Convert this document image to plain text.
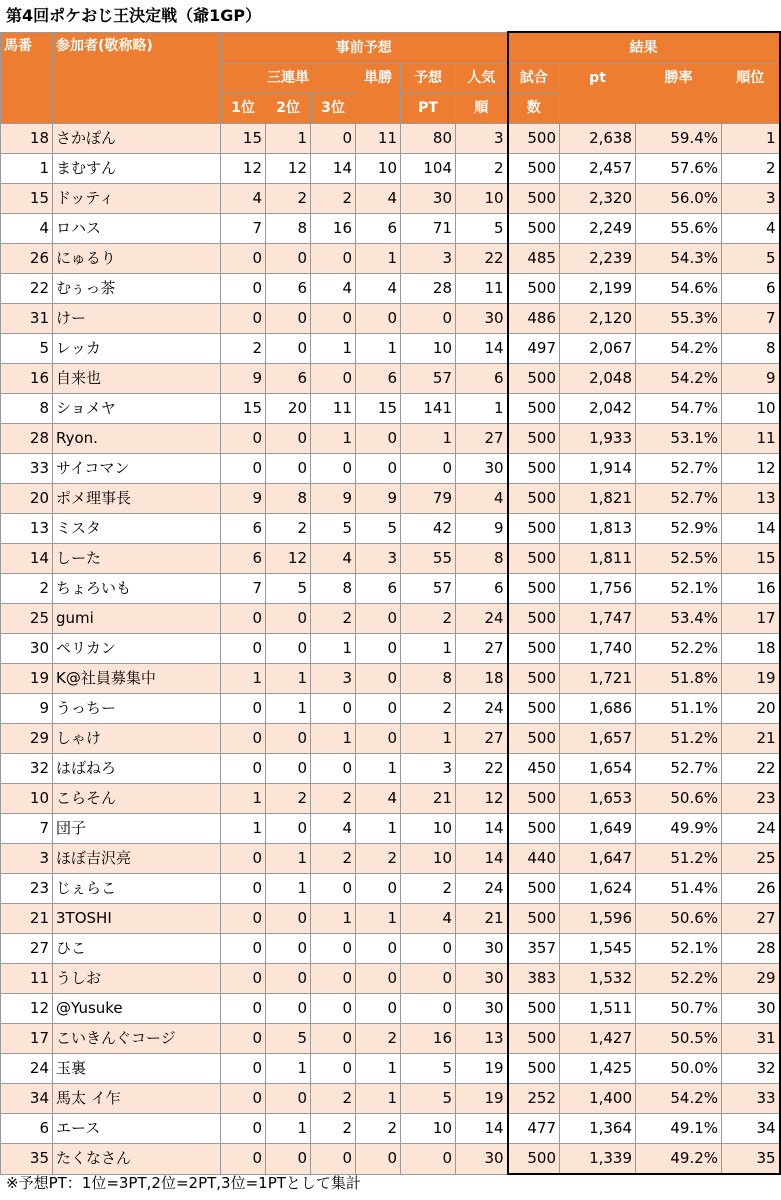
第4回ポケおじ王決定戦（爺1GP）
馬番	参加者(敬称略)	事前予想						結果			
		三連単			単勝	予想	人気	試合	pt	勝率	順位
		1位	2位	3位		PT	順	数			
18	さかぽん	15	1	0	11	80	3	500	2,638	59.4%	1
1	まむすん	12	12	14	10	104	2	500	2,457	57.6%	2
15	ドッティ	4	2	2	4	30	10	500	2,320	56.0%	3
4	ロハス	7	8	16	6	71	5	500	2,249	55.6%	4
26	にゅるり	0	0	0	1	3	22	485	2,239	54.3%	5
22	むぅっ茶	0	6	4	4	28	11	500	2,199	54.6%	6
31	けー	0	0	0	0	0	30	486	2,120	55.3%	7
5	レッカ	2	0	1	1	10	14	497	2,067	54.2%	8
16	自来也	9	6	0	6	57	6	500	2,048	54.2%	9
8	ショメヤ	15	20	11	15	141	1	500	2,042	54.7%	10
28	Ryon.	0	0	1	0	1	27	500	1,933	53.1%	11
33	サイコマン	0	0	0	0	0	30	500	1,914	52.7%	12
20	ポメ理事長	9	8	9	9	79	4	500	1,821	52.7%	13
13	ミスタ	6	2	5	5	42	9	500	1,813	52.9%	14
14	しーた	6	12	4	3	55	8	500	1,811	52.5%	15
2	ちょろいも	7	5	8	6	57	6	500	1,756	52.1%	16
25	gumi	0	0	2	0	2	24	500	1,747	53.4%	17
30	ペリカン	0	0	1	0	1	27	500	1,740	52.2%	18
19	K@社員募集中	1	1	3	0	8	18	500	1,721	51.8%	19
9	うっちー	0	1	0	0	2	24	500	1,686	51.1%	20
29	しゃけ	0	0	1	0	1	27	500	1,657	51.2%	21
32	はばねろ	0	0	0	1	3	22	450	1,654	52.7%	22
10	こらそん	1	2	2	4	21	12	500	1,653	50.6%	23
7	団子	1	0	4	1	10	14	500	1,649	49.9%	24
3	ほぼ吉沢亮	0	1	2	2	10	14	440	1,647	51.2%	25
23	じぇらこ	0	1	0	0	2	24	500	1,624	51.4%	26
21	3TOSHI	0	0	1	1	4	21	500	1,596	50.6%	27
27	ひこ	0	0	0	0	0	30	357	1,545	52.1%	28
11	うしお	0	0	0	0	0	30	383	1,532	52.2%	29
12	@Yusuke	0	0	0	0	0	30	500	1,511	50.7%	30
17	こいきんぐコージ	0	5	0	2	16	13	500	1,427	50.5%	31
24	玉裏	0	1	0	1	5	19	500	1,425	50.0%	32
34	馬太 イ乍	0	0	2	1	5	19	252	1,400	54.2%	33
6	エース	0	1	2	2	10	14	477	1,364	49.1%	34
35	たくなさん	0	0	0	0	0	30	500	1,339	49.2%	35
※予想PT：1位=3PT,2位=2PT,3位=1PTとして集計
